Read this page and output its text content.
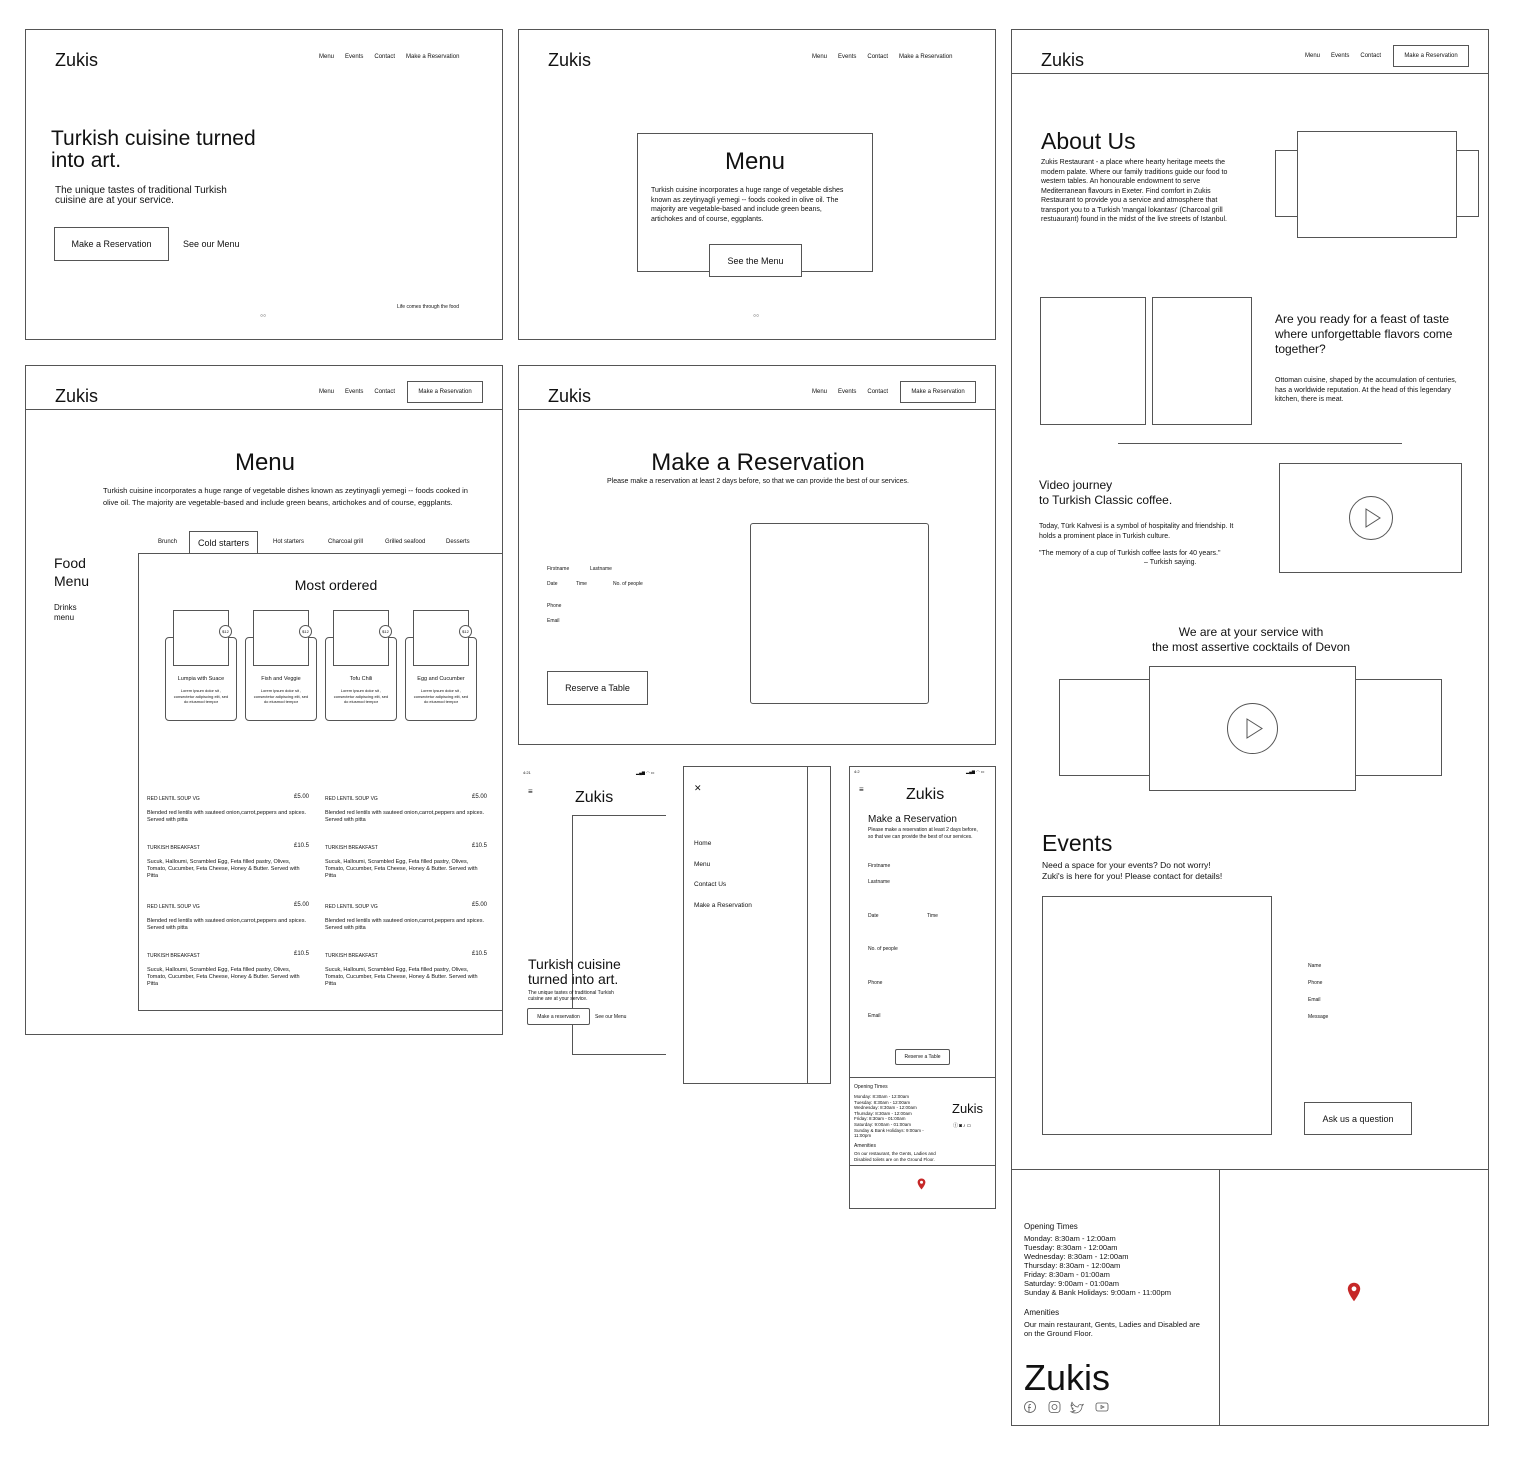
Zukis	Menu Events Contact Make a Reservation
Turkish cuisine turned
into art.
The unique tastes of traditional Turkish
cuisine are at your service.
Make a Reservation	See our Menu
Life comes through the food
○○
Zukis	Menu Events Contact Make a Reservation
Menu
Turkish cuisine incorporates a huge range of vegetable dishes known as zeytinyagli yemegi -- foods cooked in olive oil. The majority are vegetable-based and include green beans, artichokes and of course, eggplants.
See the Menu
○○
Zukis	Menu Events Contact	Make a Reservation
Menu
Turkish cuisine incorporates a huge range of vegetable dishes known as zeytinyagli yemegi -- foods cooked in olive oil. The majority are vegetable-based and include green beans, artichokes and of course, eggplants.
Brunch	Cold starters	Hot starters	Charcoal grill	Grilled seafood	Desserts
Food
Menu
Drinks
menu
Most ordered
$12
Lumpia with Suace
Lorem ipsum dolor sit , consectetur adipiscing elit, sed do eiusmod tempor
$12
Fish and Veggie
Lorem ipsum dolor sit , consectetur adipiscing elit, sed do eiusmod tempor
$12
Tofu Chili
Lorem ipsum dolor sit , consectetur adipiscing elit, sed do eiusmod tempor
$12
Egg and Cucumber
Lorem ipsum dolor sit , consectetur adipiscing elit, sed do eiusmod tempor
RED LENTIL SOUP VG	£5.00
Blended red lentils with sauteed onion,carrot,peppers and spices. Served with pitta
RED LENTIL SOUP VG	£5.00
Blended red lentils with sauteed onion,carrot,peppers and spices. Served with pitta
TURKISH BREAKFAST	£10.5
Sucuk, Halloumi, Scrambled Egg, Feta filled pastry, Olives, Tomato, Cucumber, Feta Cheese, Honey & Butter. Served with Pitta
TURKISH BREAKFAST	£10.5
Sucuk, Halloumi, Scrambled Egg, Feta filled pastry, Olives, Tomato, Cucumber, Feta Cheese, Honey & Butter. Served with Pitta
RED LENTIL SOUP VG	£5.00
Blended red lentils with sauteed onion,carrot,peppers and spices. Served with pitta
RED LENTIL SOUP VG	£5.00
Blended red lentils with sauteed onion,carrot,peppers and spices. Served with pitta
TURKISH BREAKFAST	£10.5
Sucuk, Halloumi, Scrambled Egg, Feta filled pastry, Olives, Tomato, Cucumber, Feta Cheese, Honey & Butter. Served with Pitta
TURKISH BREAKFAST	£10.5
Sucuk, Halloumi, Scrambled Egg, Feta filled pastry, Olives, Tomato, Cucumber, Feta Cheese, Honey & Butter. Served with Pitta
Zukis	Menu Events Contact	Make a Reservation
Make a Reservation
Please make a reservation at least 2 days before, so that we can provide the best of our services.
Firstname	Lastname
Date	Time	No. of people
Phone
Email
Reserve a Table
4:21	▂▄▆ ◠ ▭
≡	Zukis
Turkish cuisine
turned into art.
The unique tastes of traditional Turkish
cuisine are at your service.
Make a reservation	See our Menu
✕
Home
Menu
Contact Us
Make a Reservation
4:2	▂▄▆ ◠ ▭
≡	Zukis
Make a Reservation
Please make a reservation at least 2 days before, so that we can provide the best of our services.
Firstname
Lastname
Date	Time
No. of people
Phone
Email
Reserve a Table
Opening Times
Monday: 8:30am - 12:00am
Tuesday: 8:30am - 12:00am
Wednesday: 8:30am - 12:00am
Thursday: 8:30am - 12:00am
Friday: 8:30am - 01:00am
Saturday: 9:00am - 01:00am
Sunday & Bank Holidays: 9:00am - 11:00pm
Amenities
On our restaurant, the Gents, Ladies and Disabled toilets are on the Ground Floor.
Zukis
ⓕ◙♪▭
Zukis	Menu Events Contact	Make a Reservation
About Us
Zukis Restaurant - a place where hearty heritage meets the modern palate. Where our family traditions guide our food to western tables. An honourable endowment to serve Mediterranean flavours in Exeter. Find comfort in Zukis Restaurant to provide you a service and atmosphere that transport you to a Turkish 'mangal lokantası' (Charcoal grill restuaurant) found in the midst of the live streets of Istanbul.
Are you ready for a feast of taste where unforgettable flavors come together?
Ottoman cuisine, shaped by the accumulation of centuries, has a worldwide reputation. At the head of this legendary kitchen, there is meat.
Video journey
to Turkish Classic coffee.
Today, Türk Kahvesi is a symbol of hospitality and friendship. It holds a prominent place in Turkish culture.
"The memory of a cup of Turkish coffee lasts for 40 years."
– Turkish saying.
We are at your service with
the most assertive cocktails of Devon
Events
Need a space for your events? Do not worry!
Zuki's is here for you! Please contact for details!
Name
Phone
Email
Message
Ask us a question
Opening Times
Monday: 8:30am - 12:00am
Tuesday: 8:30am - 12:00am
Wednesday: 8:30am - 12:00am
Thursday: 8:30am - 12:00am
Friday: 8:30am - 01:00am
Saturday: 9:00am - 01:00am
Sunday & Bank Holidays: 9:00am - 11:00pm
Amenities
Our main restaurant, Gents, Ladies and Disabled are on the Ground Floor.
Zukis
